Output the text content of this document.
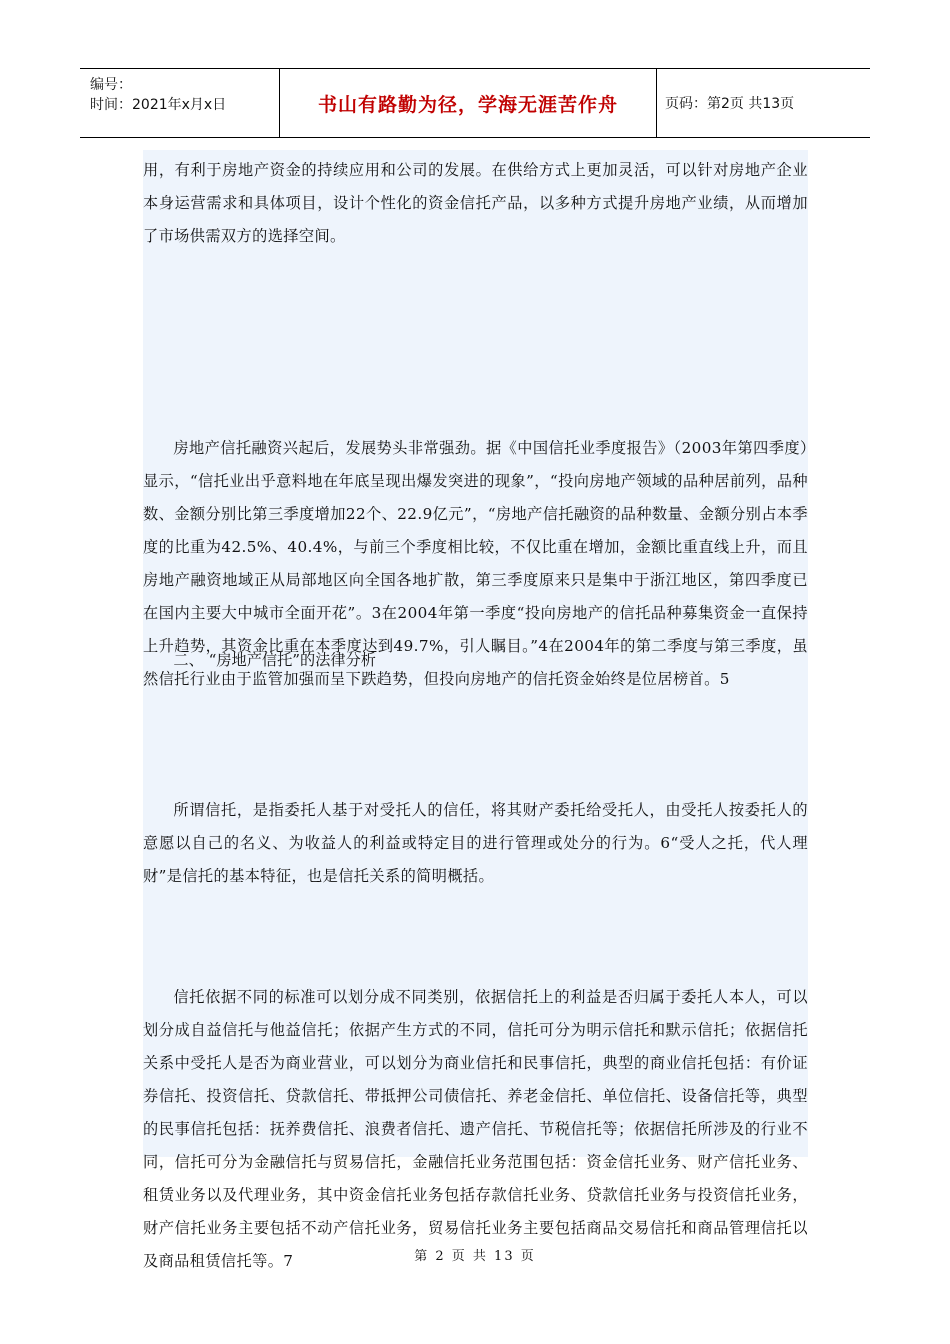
编号：
时间：2021年x月x日	书山有路勤为径，学海无涯苦作舟	页码：第2页 共13页

用，有利于房地产资金的持续应用和公司的发展。在供给方式上更加灵活，可以针对房地产企业本身运营需求和具体项目，设计个性化的资金信托产品，以多种方式提升房地产业绩，从而增加了市场供需双方的选择空间。

房地产信托融资兴起后，发展势头非常强劲。据《中国信托业季度报告》（2003年第四季度）显示，“信托业出乎意料地在年底呈现出爆发突进的现象”，“投向房地产领域的品种居前列，品种数、金额分别比第三季度增加22个、22.9亿元”，“房地产信托融资的品种数量、金额分别占本季度的比重为42.5%、40.4%，与前三个季度相比较，不仅比重在增加，金额比重直线上升，而且房地产融资地域正从局部地区向全国各地扩散，第三季度原来只是集中于浙江地区，第四季度已在国内主要大中城市全面开花”。3在2004年第一季度“投向房地产的信托品种募集资金一直保持上升趋势，其资金比重在本季度达到49.7%，引人瞩目。”4在2004年的第二季度与第三季度，虽然信托行业由于监管加强而呈下跌趋势，但投向房地产的信托资金始终是位居榜首。5

二、 “房地产信托”的法律分析

所谓信托，是指委托人基于对受托人的信任，将其财产委托给受托人，由受托人按委托人的意愿以自己的名义、为收益人的利益或特定目的进行管理或处分的行为。6“受人之托，代人理财”是信托的基本特征，也是信托关系的简明概括。

信托依据不同的标准可以划分成不同类别，依据信托上的利益是否归属于委托人本人，可以划分成自益信托与他益信托；依据产生方式的不同，信托可分为明示信托和默示信托；依据信托关系中受托人是否为商业营业，可以划分为商业信托和民事信托，典型的商业信托包括：有价证券信托、投资信托、贷款信托、带抵押公司债信托、养老金信托、单位信托、设备信托等，典型的民事信托包括：抚养费信托、浪费者信托、遗产信托、节税信托等；依据信托所涉及的行业不同，信托可分为金融信托与贸易信托，金融信托业务范围包括：资金信托业务、财产信托业务、租赁业务以及代理业务，其中资金信托业务包括存款信托业务、贷款信托业务与投资信托业务，财产信托业务主要包括不动产信托业务，贸易信托业务主要包括商品交易信托和商品管理信托以及商品租赁信托等。7	第 2 页 共 13 页
